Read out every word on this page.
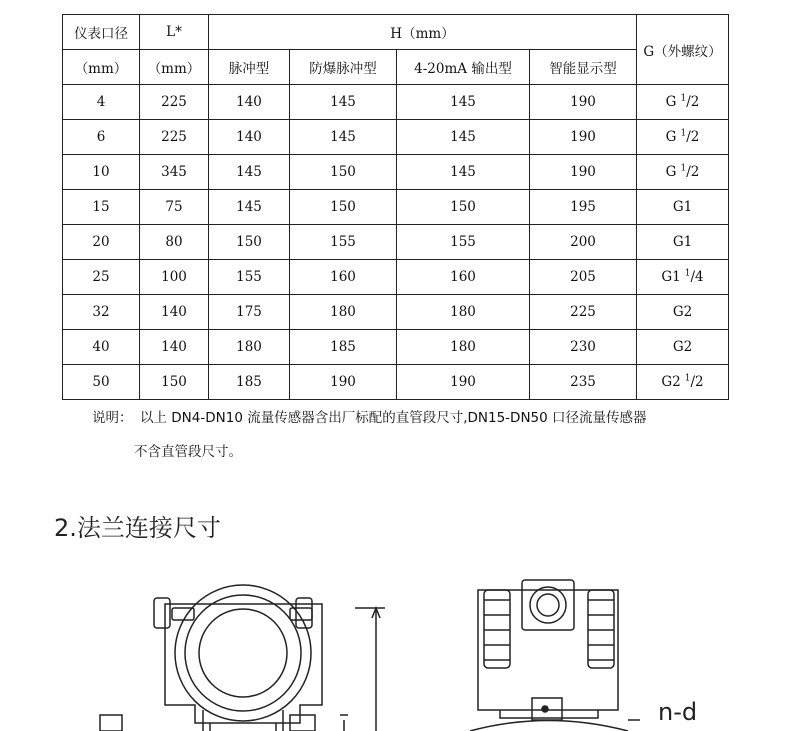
仪表口径	L*	H（mm）				G（外螺纹）
（mm）	（mm）	脉冲型	防爆脉冲型	4-20mA 输出型	智能显示型	
4	225	140	145	145	190	G $^1$/2
6	225	140	145	145	190	G $^1$/2
10	345	145	150	145	190	G $^1$/2
15	75	145	150	150	195	G1
20	80	150	155	155	200	G1
25	100	155	160	160	205	G1 $^1$/4
32	140	175	180	180	225	G2
40	140	180	185	180	230	G2
50	150	185	190	190	235	G2 $^1$/2
说明： 以上 DN4-DN10 流量传感器含出厂标配的直管段尺寸,DN15-DN50 口径流量传感器
不含直管段尺寸。
2.法兰连接尺寸
n-d
